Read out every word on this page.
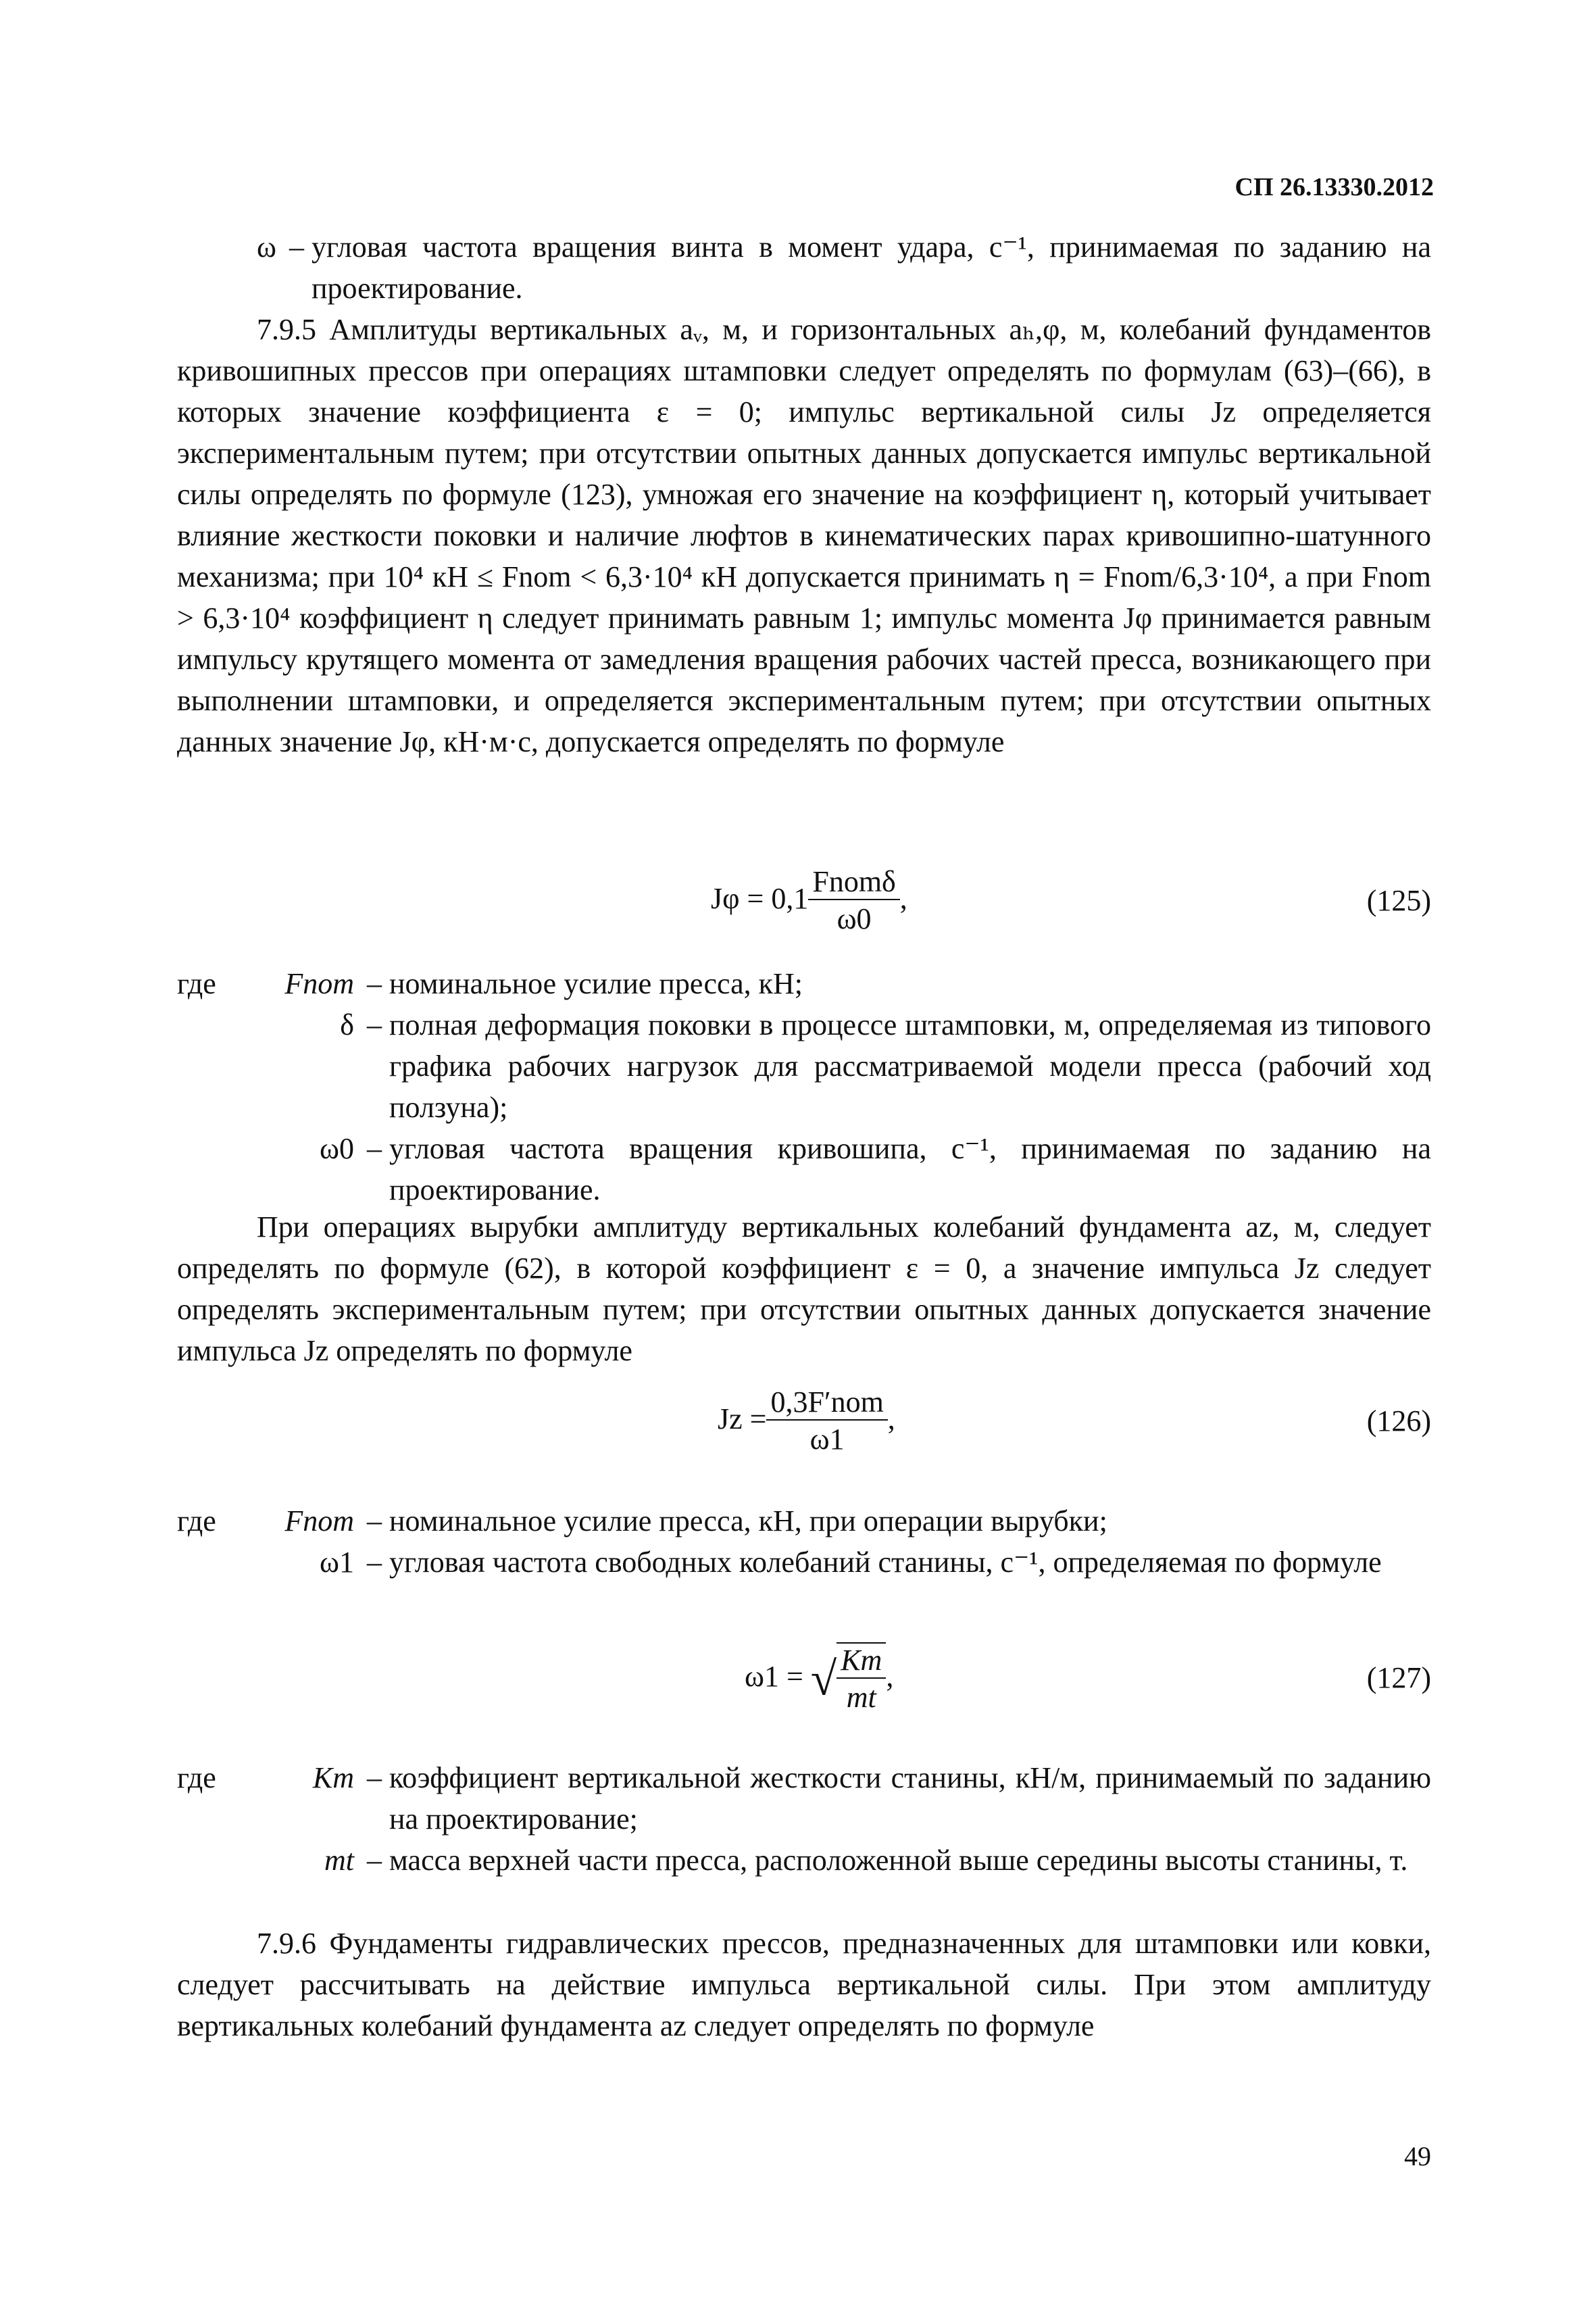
СП 26.13330.2012
ω – угловая частота вращения винта в момент удара, с⁻¹, принимаемая по заданию на проектирование.

7.9.5 Амплитуды вертикальных aᵥ, м, и горизонтальных aₕ,φ, м, колебаний фундаментов кривошипных прессов при операциях штамповки следует определять по формулам (63)–(66), в которых значение коэффициента ε = 0; импульс вертикальной силы Jz определяется экспериментальным путем; при отсутствии опытных данных допускается импульс вертикальной силы определять по формуле (123), умножая его значение на коэффициент η, который учитывает влияние жесткости поковки и наличие люфтов в кинематических парах кривошипно-шатунного механизма; при 10⁴ кН ≤ Fnom < 6,3·10⁴ кН допускается принимать η = Fnom/6,3·10⁴, а при Fnom > 6,3·10⁴ коэффициент η следует принимать равным 1; импульс момента Jφ принимается равным импульсу крутящего момента от замедления вращения рабочих частей пресса, возникающего при выполнении штамповки, и определяется экспериментальным путем; при отсутствии опытных данных значение Jφ, кН·м·с, допускается определять по формуле

$J\varphi = 0,1 \frac{\text{Fnomδ}}{\omega 0}$ ,	(125)
где	Fnom – номинальное усилие пресса, кН;
δ – полная деформация поковки в процессе штамповки, м, определяемая из типового графика рабочих нагрузок для рассматриваемой модели пресса (рабочий ход ползуна);
ω0 – угловая частота вращения кривошипа, с⁻¹, принимаемая по заданию на проектирование.

При операциях вырубки амплитуду вертикальных колебаний фундамента az, м, следует определять по формуле (62), в которой коэффициент ε = 0, а значение импульса Jz следует определять экспериментальным путем; при отсутствии опытных данных допускается значение импульса Jz определять по формуле

$Jz = \frac{\text{0,3F′nom}}{\omega 1}$ ,	(126)
где	Fnom – номинальное усилие пресса, кН, при операции вырубки;
ω1 – угловая частота свободных колебаний станины, с⁻¹, определяемая по формуле
ω1 = √ $\frac{Km}{mt}$ ,	(127)
где	Km – коэффициент вертикальной жесткости станины, кН/м, принимаемый по заданию на проектирование;
mt – масса верхней части пресса, расположенной выше середины высоты станины, т.

7.9.6 Фундаменты гидравлических прессов, предназначенных для штамповки или ковки, следует рассчитывать на действие импульса вертикальной силы. При этом амплитуду вертикальных колебаний фундамента az следует определять по формуле

49
